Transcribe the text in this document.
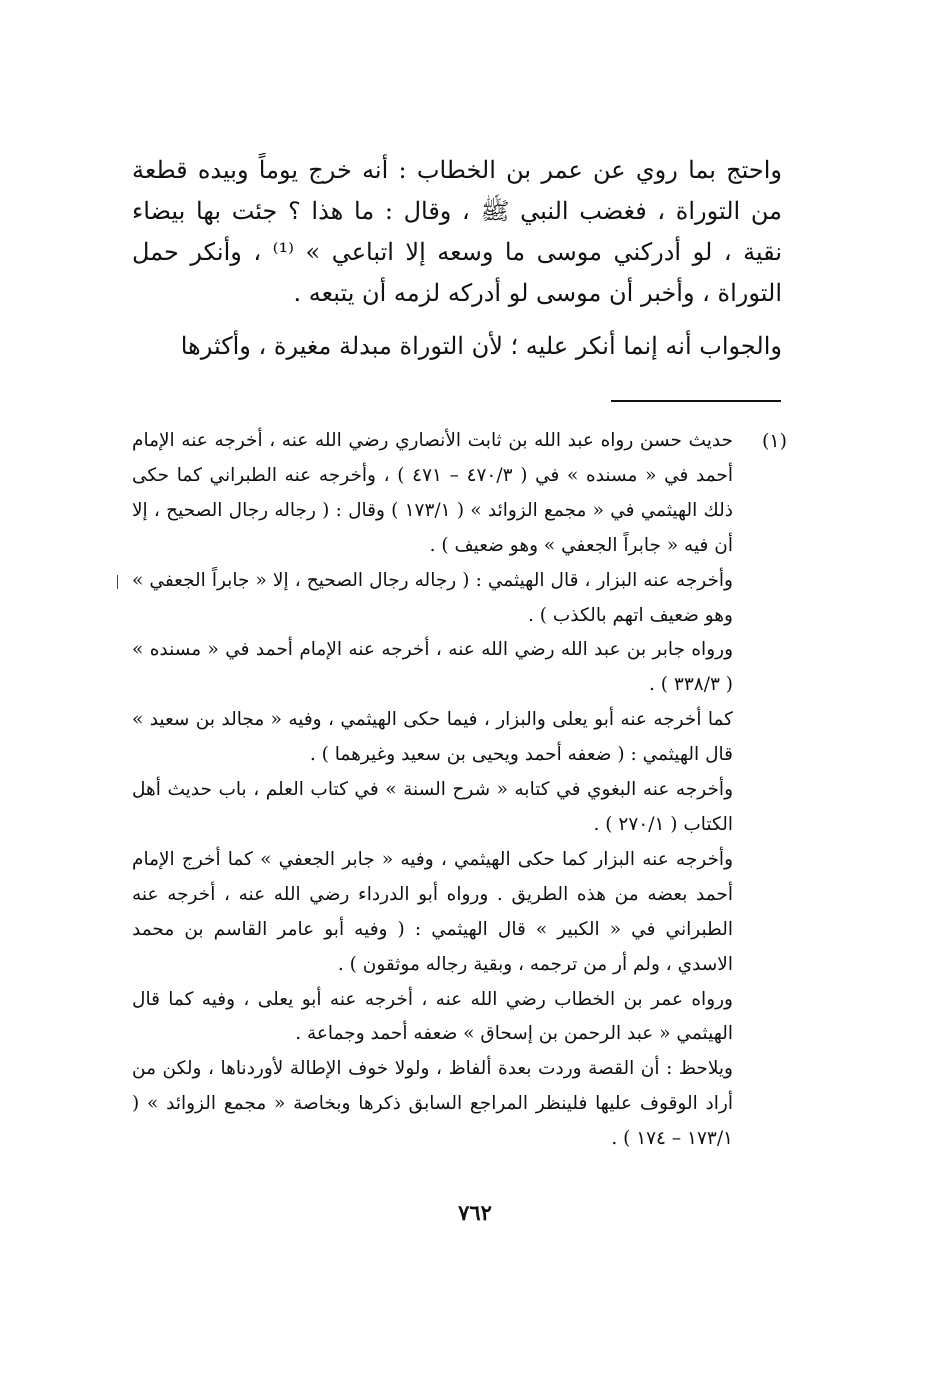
واحتج بما روي عن عمر بن الخطاب : أنه خرج يوماً وبيده قطعة من التوراة ، فغضب النبي ﷺ ، وقال : ما هذا ؟ جئت بها بيضاء نقية ، لو أدركني موسى ما وسعه إلا اتباعي » ⁽¹⁾ ، وأنكر حمل التوراة ، وأخبر أن موسى لو أدركه لزمه أن يتبعه .

والجواب أنه إنما أنكر عليه ؛ لأن التوراة مبدلة مغيرة ، وأكثرها

(١)

حديث حسن رواه عبد الله بن ثابت الأنصاري رضي الله عنه ، أخرجه عنه الإمام أحمد في « مسنده » في ( ٤٧٠/٣ – ٤٧١ ) ، وأخرجه عنه الطبراني كما حكى ذلك الهيثمي في « مجمع الزوائد » ( ١٧٣/١ ) وقال : ( رجاله رجال الصحيح ، إلا أن فيه « جابراً الجعفي » وهو ضعيف ) .

وأخرجه عنه البزار ، قال الهيثمي : ( رجاله رجال الصحيح ، إلا « جابراً الجعفي » وهو ضعيف اتهم بالكذب ) .

ورواه جابر بن عبد الله رضي الله عنه ، أخرجه عنه الإمام أحمد في « مسنده » ( ٣٣٨/٣ ) .

كما أخرجه عنه أبو يعلى والبزار ، فيما حكى الهيثمي ، وفيه « مجالد بن سعيد » قال الهيثمي : ( ضعفه أحمد ويحيى بن سعيد وغيرهما ) .

وأخرجه عنه البغوي في كتابه « شرح السنة » في كتاب العلم ، باب حديث أهل الكتاب ( ٢٧٠/١ ) .

وأخرجه عنه البزار كما حكى الهيثمي ، وفيه « جابر الجعفي » كما أخرج الإمام أحمد بعضه من هذه الطريق . ورواه أبو الدرداء رضي الله عنه ، أخرجه عنه الطبراني في « الكبير » قال الهيثمي : ( وفيه أبو عامر القاسم بن محمد الاسدي ، ولم أر من ترجمه ، وبقية رجاله موثقون ) .

ورواه عمر بن الخطاب رضي الله عنه ، أخرجه عنه أبو يعلى ، وفيه كما قال الهيثمي « عبد الرحمن بن إسحاق » ضعفه أحمد وجماعة .

ويلاحظ : أن القصة وردت بعدة ألفاظ ، ولولا خوف الإطالة لأوردناها ، ولكن من أراد الوقوف عليها فلينظر المراجع السابق ذكرها وبخاصة « مجمع الزوائد » ( ١٧٣/١ – ١٧٤ ) .

٧٦٢
